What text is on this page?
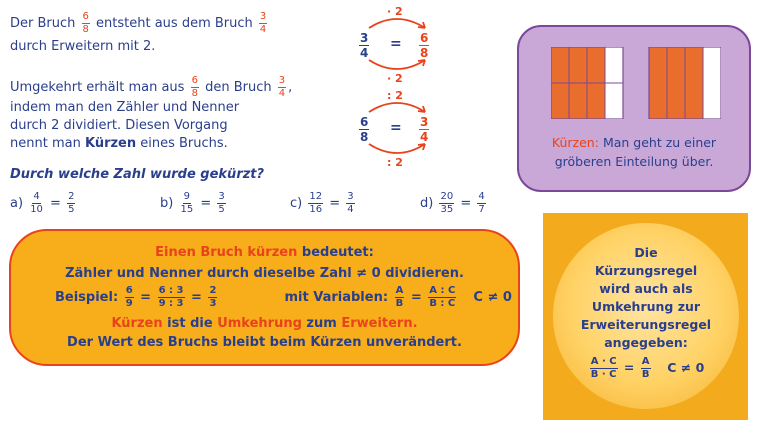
Der Bruch $\frac{6}{8}$ entsteht aus dem Bruch $\frac{3}{4}$
durch Erweitern mit 2.
Umgekehrt erhält man aus $\frac{6}{8}$ den Bruch $\frac{3}{4}$ ,
indem man den Zähler und Nenner
durch 2 dividiert. Diesen Vorgang
nennt man Kürzen eines Bruchs.
· 2
· 2
$\frac{3}{4} = \frac{6}{8}$
: 2
: 2
$\frac{6}{8} = \frac{3}{4}$
Durch welche Zahl wurde gekürzt?
$a) \frac{4}{10} = \frac{2}{5}$	$b) \frac{9}{15} = \frac{3}{5}$	$c) \frac{12}{16} = \frac{3}{4}$	$d) \frac{20}{35} = \frac{4}{7}$
Einen Bruch kürzen bedeutet:
Zähler und Nenner durch dieselbe Zahl ≠ 0 dividieren.
Beispiel: $\frac{6}{9} = \frac{6 : 3}{9 : 3} = \frac{2}{3}$	mit Variablen: $\frac{A}{B} = \frac{A : C}{B : C}$ C ≠ 0
Kürzen ist die Umkehrung zum Erweitern.
Der Wert des Bruchs bleibt beim Kürzen unverändert.
Kürzen: Man geht zu einer
gröberen Einteilung über.
Die
Kürzungsregel
wird auch als
Umkehrung zur
Erweiterungsregel
angegeben:
$\frac{A \cdot C}{B \cdot C} = \frac{A}{B}$ C ≠ 0
